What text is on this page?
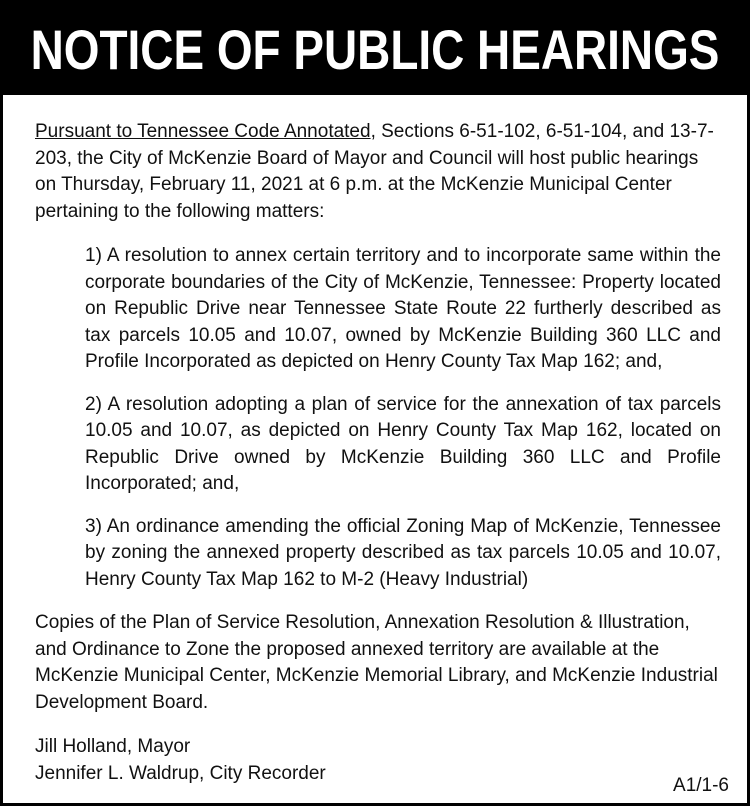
NOTICE OF PUBLIC HEARINGS

Pursuant to Tennessee Code Annotated, Sections 6-51-102, 6-51-104, and 13-7-203, the City of McKenzie Board of Mayor and Council will host public hearings on Thursday, February 11, 2021 at 6 p.m. at the McKenzie Municipal Center pertaining to the following matters:

1) A resolution to annex certain territory and to incorporate same within the corporate boundaries of the City of McKenzie, Tennessee: Property located on Republic Drive near Tennessee State Route 22 furtherly described as tax parcels 10.05 and 10.07, owned by McKenzie Building 360 LLC and Profile Incorporated as depicted on Henry County Tax Map 162; and,

2) A resolution adopting a plan of service for the annexation of tax parcels 10.05 and 10.07, as depicted on Henry County Tax Map 162, located on Republic Drive owned by McKenzie Building 360 LLC and Profile Incorporated; and,

3) An ordinance amending the official Zoning Map of McKenzie, Tennessee by zoning the annexed property described as tax parcels 10.05 and 10.07, Henry County Tax Map 162 to M-2 (Heavy Industrial)

Copies of the Plan of Service Resolution, Annexation Resolution & Illustration, and Ordinance to Zone the proposed annexed territory are available at the McKenzie Municipal Center, McKenzie Memorial Library, and McKenzie Industrial Development Board.

Jill Holland, Mayor
Jennifer L. Waldrup, City Recorder
A1/1-6
